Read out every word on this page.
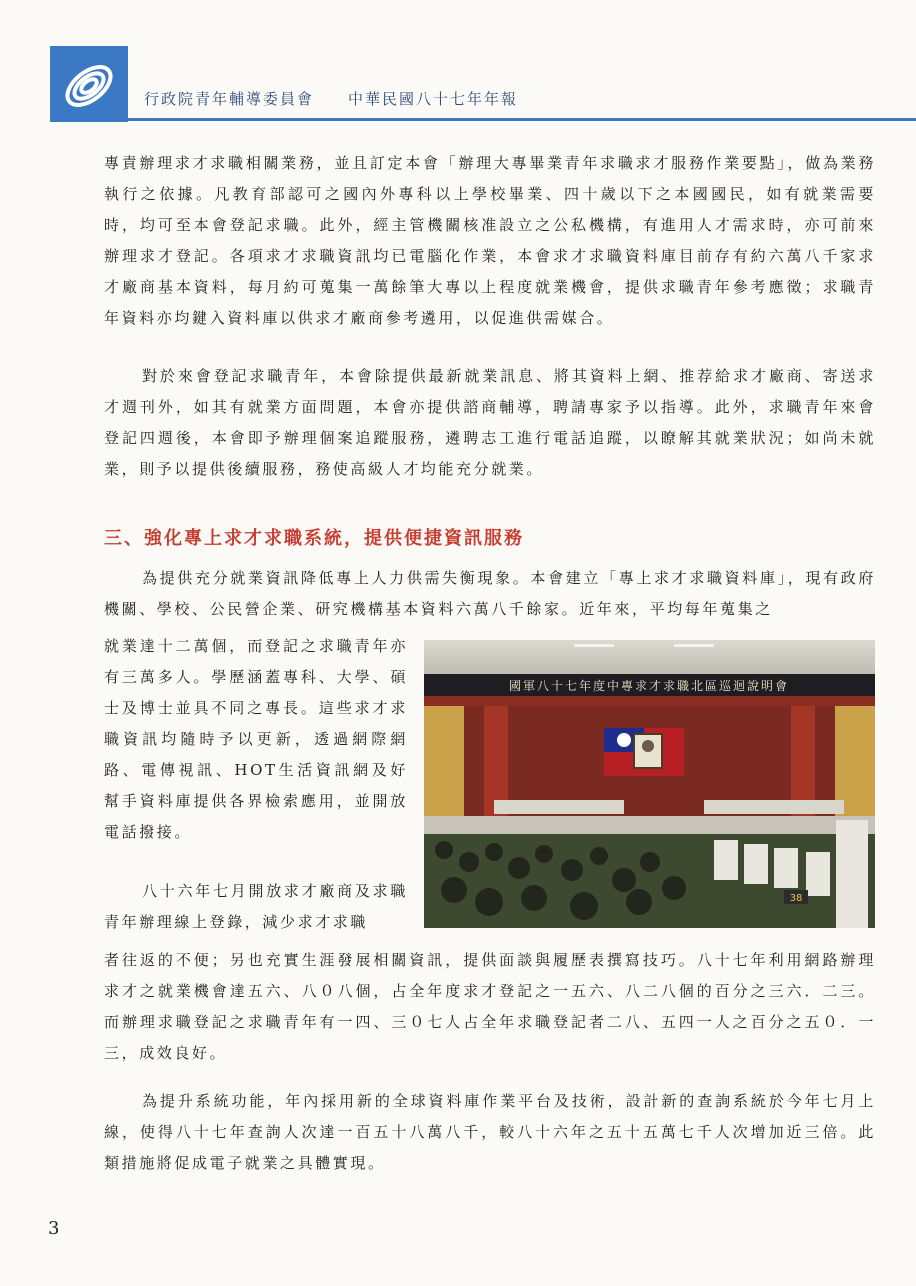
行政院青年輔導委員會 中華民國八十七年年報

專責辦理求才求職相關業務，並且訂定本會「辦理大專畢業青年求職求才服務作業要點」，做為業務執行之依據。凡教育部認可之國內外專科以上學校畢業、四十歲以下之本國國民，如有就業需要時，均可至本會登記求職。此外，經主管機關核准設立之公私機構，有進用人才需求時，亦可前來辦理求才登記。各項求才求職資訊均已電腦化作業，本會求才求職資料庫目前存有約六萬八千家求才廠商基本資料，每月約可蒐集一萬餘筆大專以上程度就業機會，提供求職青年參考應徵；求職青年資料亦均鍵入資料庫以供求才廠商參考遴用，以促進供需媒合。

對於來會登記求職青年，本會除提供最新就業訊息、將其資料上網、推荐給求才廠商、寄送求才週刊外，如其有就業方面問題，本會亦提供諮商輔導，聘請專家予以指導。此外，求職青年來會登記四週後，本會即予辦理個案追蹤服務，遴聘志工進行電話追蹤，以瞭解其就業狀況；如尚未就業，則予以提供後續服務，務使高級人才均能充分就業。

三、強化專上求才求職系統，提供便捷資訊服務

為提供充分就業資訊降低專上人力供需失衡現象。本會建立「專上求才求職資料庫」，現有政府機關、學校、公民營企業、研究機構基本資料六萬八千餘家。近年來，平均每年蒐集之

就業達十二萬個，而登記之求職青年亦有三萬多人。學歷涵蓋專科、大學、碩士及博士並具不同之專長。這些求才求職資訊均隨時予以更新，透過網際網路、電傳視訊、HOT生活資訊網及好幫手資料庫提供各界檢索應用，並開放電話撥接。

八十六年七月開放求才廠商及求職青年辦理線上登錄，減少求才求職

者往返的不便；另也充實生涯發展相關資訊，提供面談與履歷表撰寫技巧。八十七年利用網路辦理求才之就業機會達五六、八０八個，占全年度求才登記之一五六、八二八個的百分之三六．二三。而辦理求職登記之求職青年有一四、三０七人占全年求職登記者二八、五四一人之百分之五０．一三，成效良好。

為提升系統功能，年內採用新的全球資料庫作業平台及技術，設計新的查詢系統於今年七月上線，使得八十七年查詢人次達一百五十八萬八千，較八十六年之五十五萬七千人次增加近三倍。此類措施將促成電子就業之具體實現。

國軍八十七年度中專求才求職北區巡迴說明會
38
3
